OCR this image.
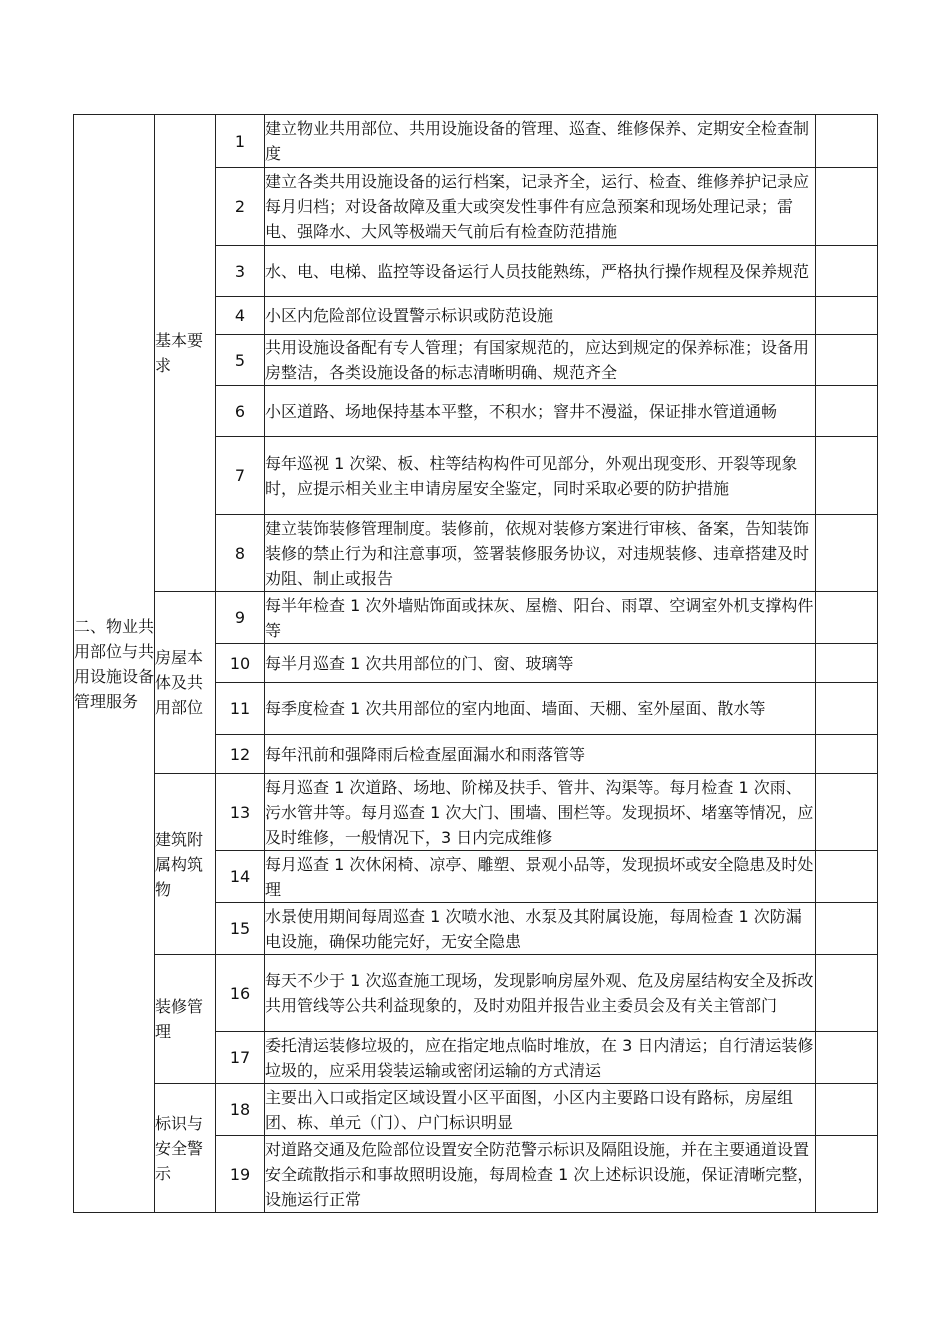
二、物业共用部位与共用设施设备管理服务	基本要求	1	建立物业共用部位、共用设施设备的管理、巡查、维修保养、定期安全检查制度	
		2	建立各类共用设施设备的运行档案，记录齐全，运行、检查、维修养护记录应每月归档；对设备故障及重大或突发性事件有应急预案和现场处理记录；雷电、强降水、大风等极端天气前后有检查防范措施	
		3	水、电、电梯、监控等设备运行人员技能熟练，严格执行操作规程及保养规范	
		4	小区内危险部位设置警示标识或防范设施	
		5	共用设施设备配有专人管理；有国家规范的，应达到规定的保养标准；设备用房整洁，各类设施设备的标志清晰明确、规范齐全	
		6	小区道路、场地保持基本平整，不积水；窨井不漫溢，保证排水管道通畅	
		7	每年巡视 1 次梁、板、柱等结构构件可见部分，外观出现变形、开裂等现象时，应提示相关业主申请房屋安全鉴定，同时采取必要的防护措施	
		8	建立装饰装修管理制度。装修前，依规对装修方案进行审核、备案，告知装饰装修的禁止行为和注意事项，签署装修服务协议，对违规装修、违章搭建及时劝阻、制止或报告	
	房屋本体及共用部位	9	每半年检查 1 次外墙贴饰面或抹灰、屋檐、阳台、雨罩、空调室外机支撑构件等	
		10	每半月巡查 1 次共用部位的门、窗、玻璃等	
		11	每季度检查 1 次共用部位的室内地面、墙面、天棚、室外屋面、散水等	
		12	每年汛前和强降雨后检查屋面漏水和雨落管等	
	建筑附属构筑物	13	每月巡查 1 次道路、场地、阶梯及扶手、管井、沟渠等。每月检查 1 次雨、污水管井等。每月巡查 1 次大门、围墙、围栏等。发现损坏、堵塞等情况，应及时维修，一般情况下，3 日内完成维修	
		14	每月巡查 1 次休闲椅、凉亭、雕塑、景观小品等，发现损坏或安全隐患及时处理	
		15	水景使用期间每周巡查 1 次喷水池、水泵及其附属设施，每周检查 1 次防漏电设施，确保功能完好，无安全隐患	
	装修管理	16	每天不少于 1 次巡查施工现场，发现影响房屋外观、危及房屋结构安全及拆改共用管线等公共利益现象的，及时劝阻并报告业主委员会及有关主管部门	
		17	委托清运装修垃圾的，应在指定地点临时堆放，在 3 日内清运；自行清运装修垃圾的，应采用袋装运输或密闭运输的方式清运	
	标识与安全警示	18	主要出入口或指定区域设置小区平面图，小区内主要路口设有路标，房屋组团、栋、单元（门）、户门标识明显	
		19	对道路交通及危险部位设置安全防范警示标识及隔阻设施，并在主要通道设置安全疏散指示和事故照明设施，每周检查 1 次上述标识设施，保证清晰完整，设施运行正常	
